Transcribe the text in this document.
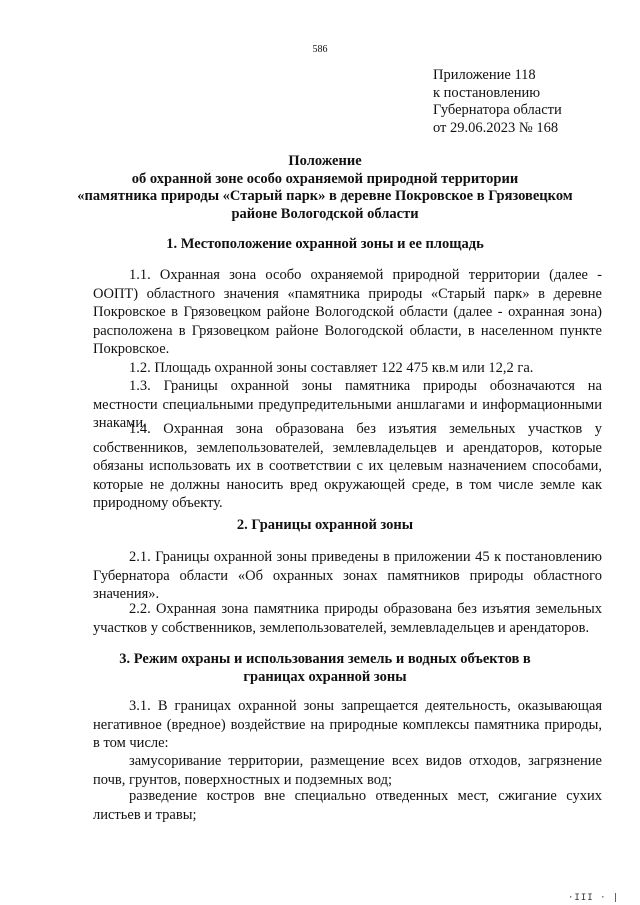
586
Приложение 118
к постановлению
Губернатора области
от 29.06.2023 № 168
Положение
об охранной зоне особо охраняемой природной территории
«памятника природы «Старый парк» в деревне Покровское в Грязовецком
районе Вологодской области
1. Местоположение охранной зоны и ее площадь
1.1. Охранная зона особо охраняемой природной территории (далее -
ООПТ) областного значения «памятника природы «Старый парк» в деревне
Покровское в Грязовецком районе Вологодской области (далее - охранная зона)
расположена в Грязовецком районе Вологодской области, в населенном пункте
Покровское.
1.2. Площадь охранной зоны составляет 122 475 кв.м или 12,2 га.
1.3. Границы охранной зоны памятника природы обозначаются на
местности специальными предупредительными аншлагами и информационными
знаками.
1.4. Охранная зона образована без изъятия земельных участков у
собственников, землепользователей, землевладельцев и арендаторов, которые
обязаны использовать их в соответствии с их целевым назначением способами,
которые не должны наносить вред окружающей среде, в том числе земле как
природному объекту.
2. Границы охранной зоны
2.1. Границы охранной зоны приведены в приложении 45 к постановлению
Губернатора области «Об охранных зонах памятников природы областного
значения».
2.2. Охранная зона памятника природы образована без изъятия земельных
участков у собственников, землепользователей, землевладельцев и арендаторов.
3. Режим охраны и использования земель и водных объектов в
границах охранной зоны
3.1. В границах охранной зоны запрещается деятельность, оказывающая
негативное (вредное) воздействие на природные комплексы памятника природы,
в том числе:
замусоривание территории, размещение всех видов отходов, загрязнение
почв, грунтов, поверхностных и подземных вод;
разведение костров вне специально отведенных мест, сжигание сухих
листьев и травы;
·III · |
